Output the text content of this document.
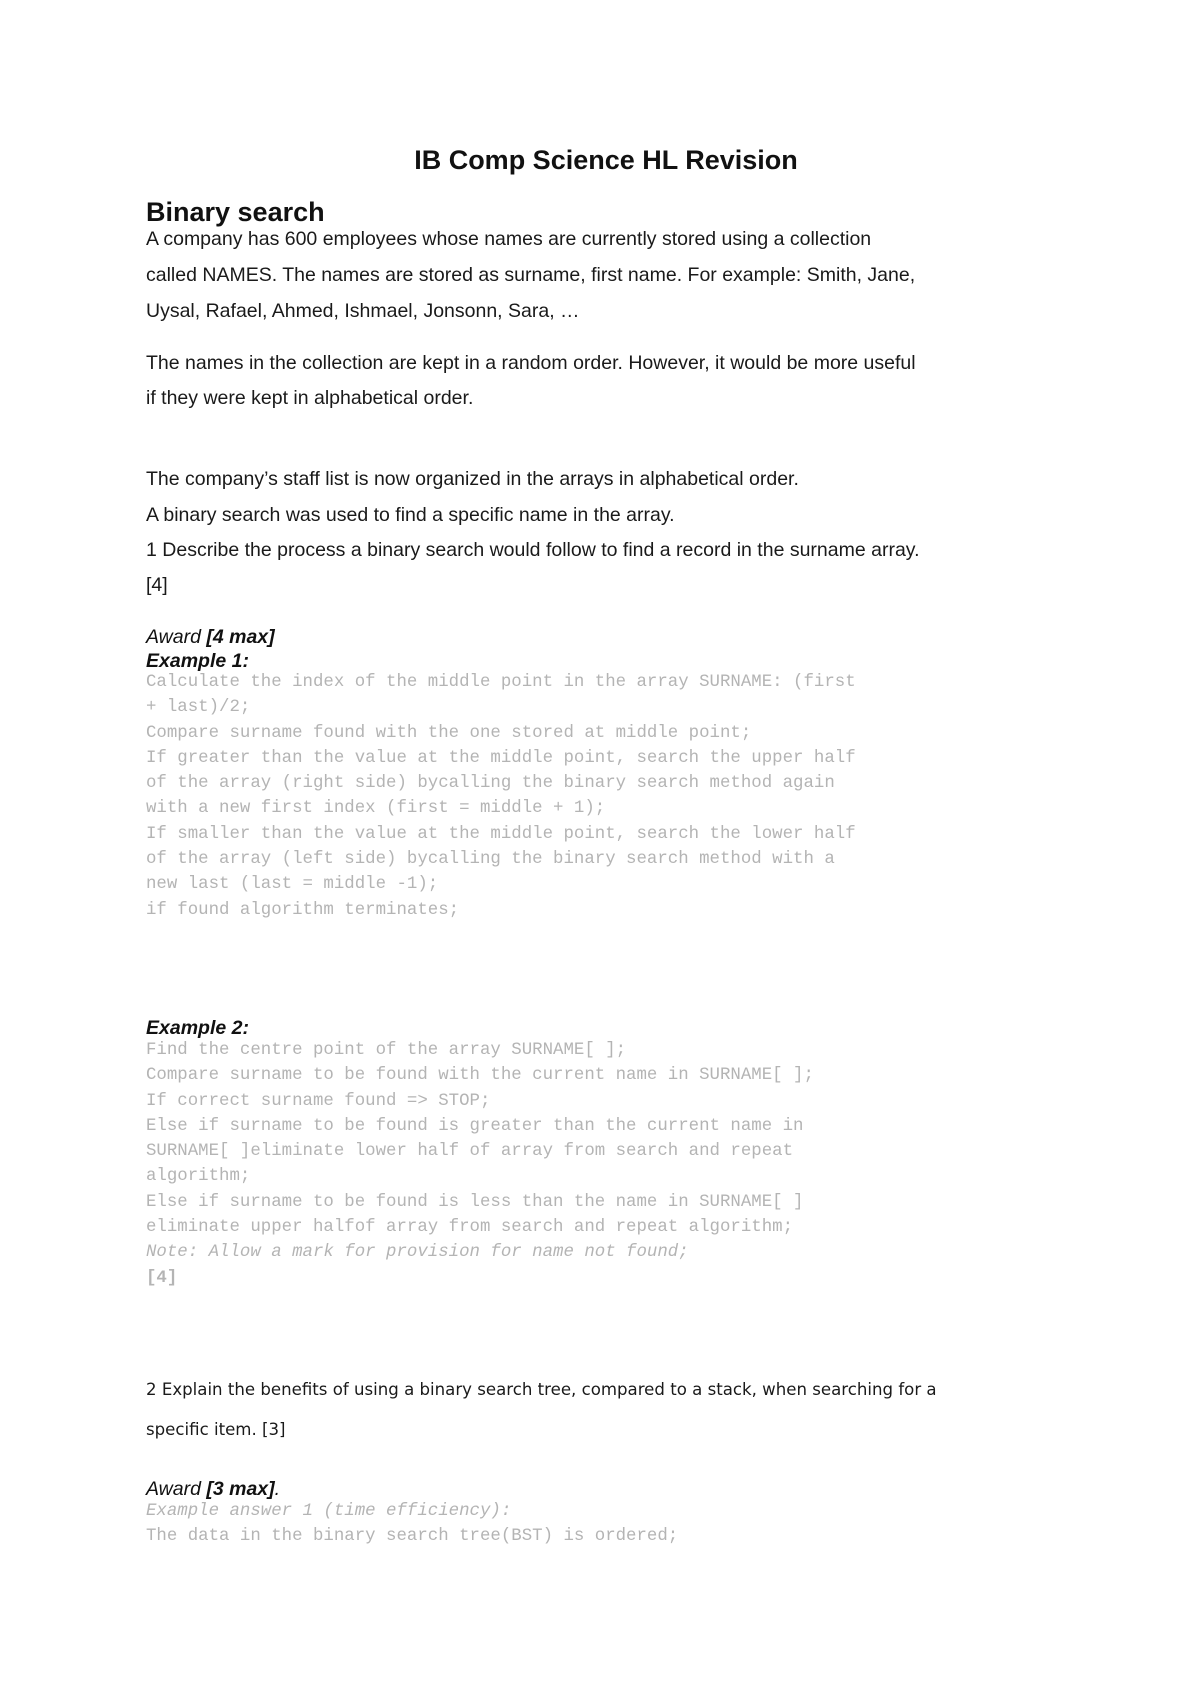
IB Comp Science HL Revision
Binary search

A company has 600 employees whose names are currently stored using a collection

called NAMES. The names are stored as surname, first name. For example: Smith, Jane,

Uysal, Rafael, Ahmed, Ishmael, Jonsonn, Sara, …

The names in the collection are kept in a random order. However, it would be more useful

if they were kept in alphabetical order.

The company’s staff list is now organized in the arrays in alphabetical order.

A binary search was used to find a specific name in the array.

1 Describe the process a binary search would follow to find a record in the surname array.

[4]

Award [4 max]

Example 1:

Calculate the index of the middle point in the array SURNAME: (first
+ last)/2;
Compare surname found with the one stored at middle point;
If greater than the value at the middle point, search the upper half
of the array (right side) bycalling the binary search method again
with a new first index (first = middle + 1);
If smaller than the value at the middle point, search the lower half
of the array (left side) bycalling the binary search method with a
new last (last = middle -1);
if found algorithm terminates;

Example 2:

Find the centre point of the array SURNAME[ ];
Compare surname to be found with the current name in SURNAME[ ];
If correct surname found => STOP;
Else if surname to be found is greater than the current name in
SURNAME[ ]eliminate lower half of array from search and repeat
algorithm;
Else if surname to be found is less than the name in SURNAME[ ]
eliminate upper halfof array from search and repeat algorithm;
Note: Allow a mark for provision for name not found;
[4]

2 Explain the benefits of using a binary search tree, compared to a stack, when searching for a

specific item. [3]

Award [3 max].

Example answer 1 (time efficiency):
The data in the binary search tree(BST) is ordered;
